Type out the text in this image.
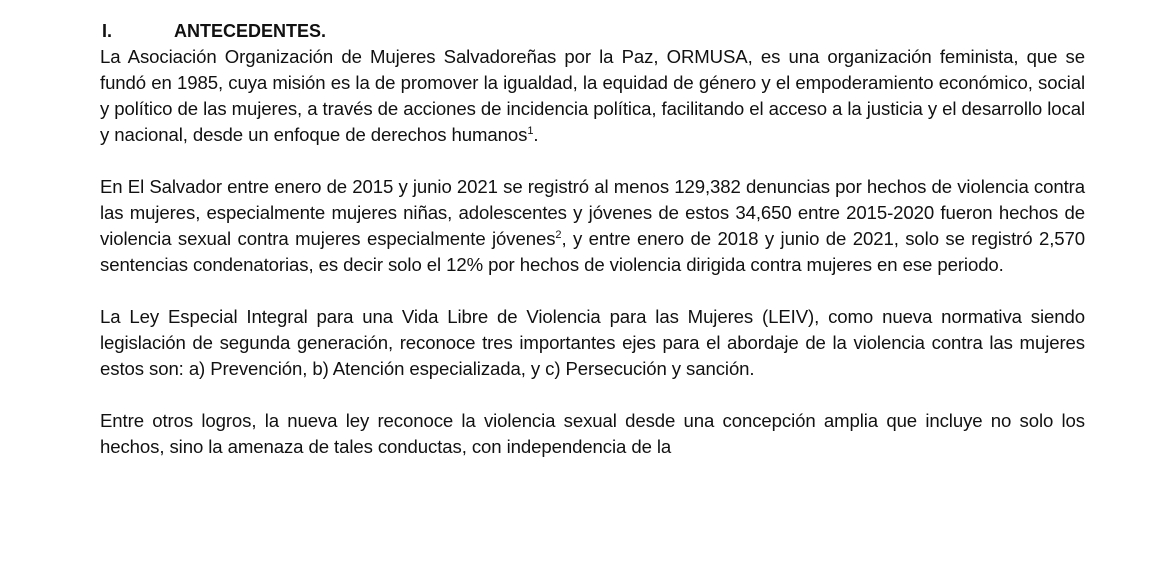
I.	ANTECEDENTES.

La Asociación Organización de Mujeres Salvadoreñas por la Paz, ORMUSA, es una organización feminista, que se fundó en 1985, cuya misión es la de promover la igualdad, la equidad de género y el empoderamiento económico, social y político de las mujeres, a través de acciones de incidencia política, facilitando el acceso a la justicia y el desarrollo local y nacional, desde un enfoque de derechos humanos$^1$.

En El Salvador entre enero de 2015 y junio 2021 se registró al menos 129,382 denuncias por hechos de violencia contra las mujeres, especialmente mujeres niñas, adolescentes y jóvenes de estos 34,650 entre 2015-2020 fueron hechos de violencia sexual contra mujeres especialmente jóvenes$^2$, y entre enero de 2018 y junio de 2021, solo se registró 2,570 sentencias condenatorias, es decir solo el 12% por hechos de violencia dirigida contra mujeres en ese periodo.

La Ley Especial Integral para una Vida Libre de Violencia para las Mujeres (LEIV), como nueva normativa siendo legislación de segunda generación, reconoce tres importantes ejes para el abordaje de la violencia contra las mujeres estos son: a) Prevención, b) Atención especializada, y c) Persecución y sanción.

Entre otros logros, la nueva ley reconoce la violencia sexual desde una concepción amplia que incluye no solo los hechos, sino la amenaza de tales conductas, con independencia de la
